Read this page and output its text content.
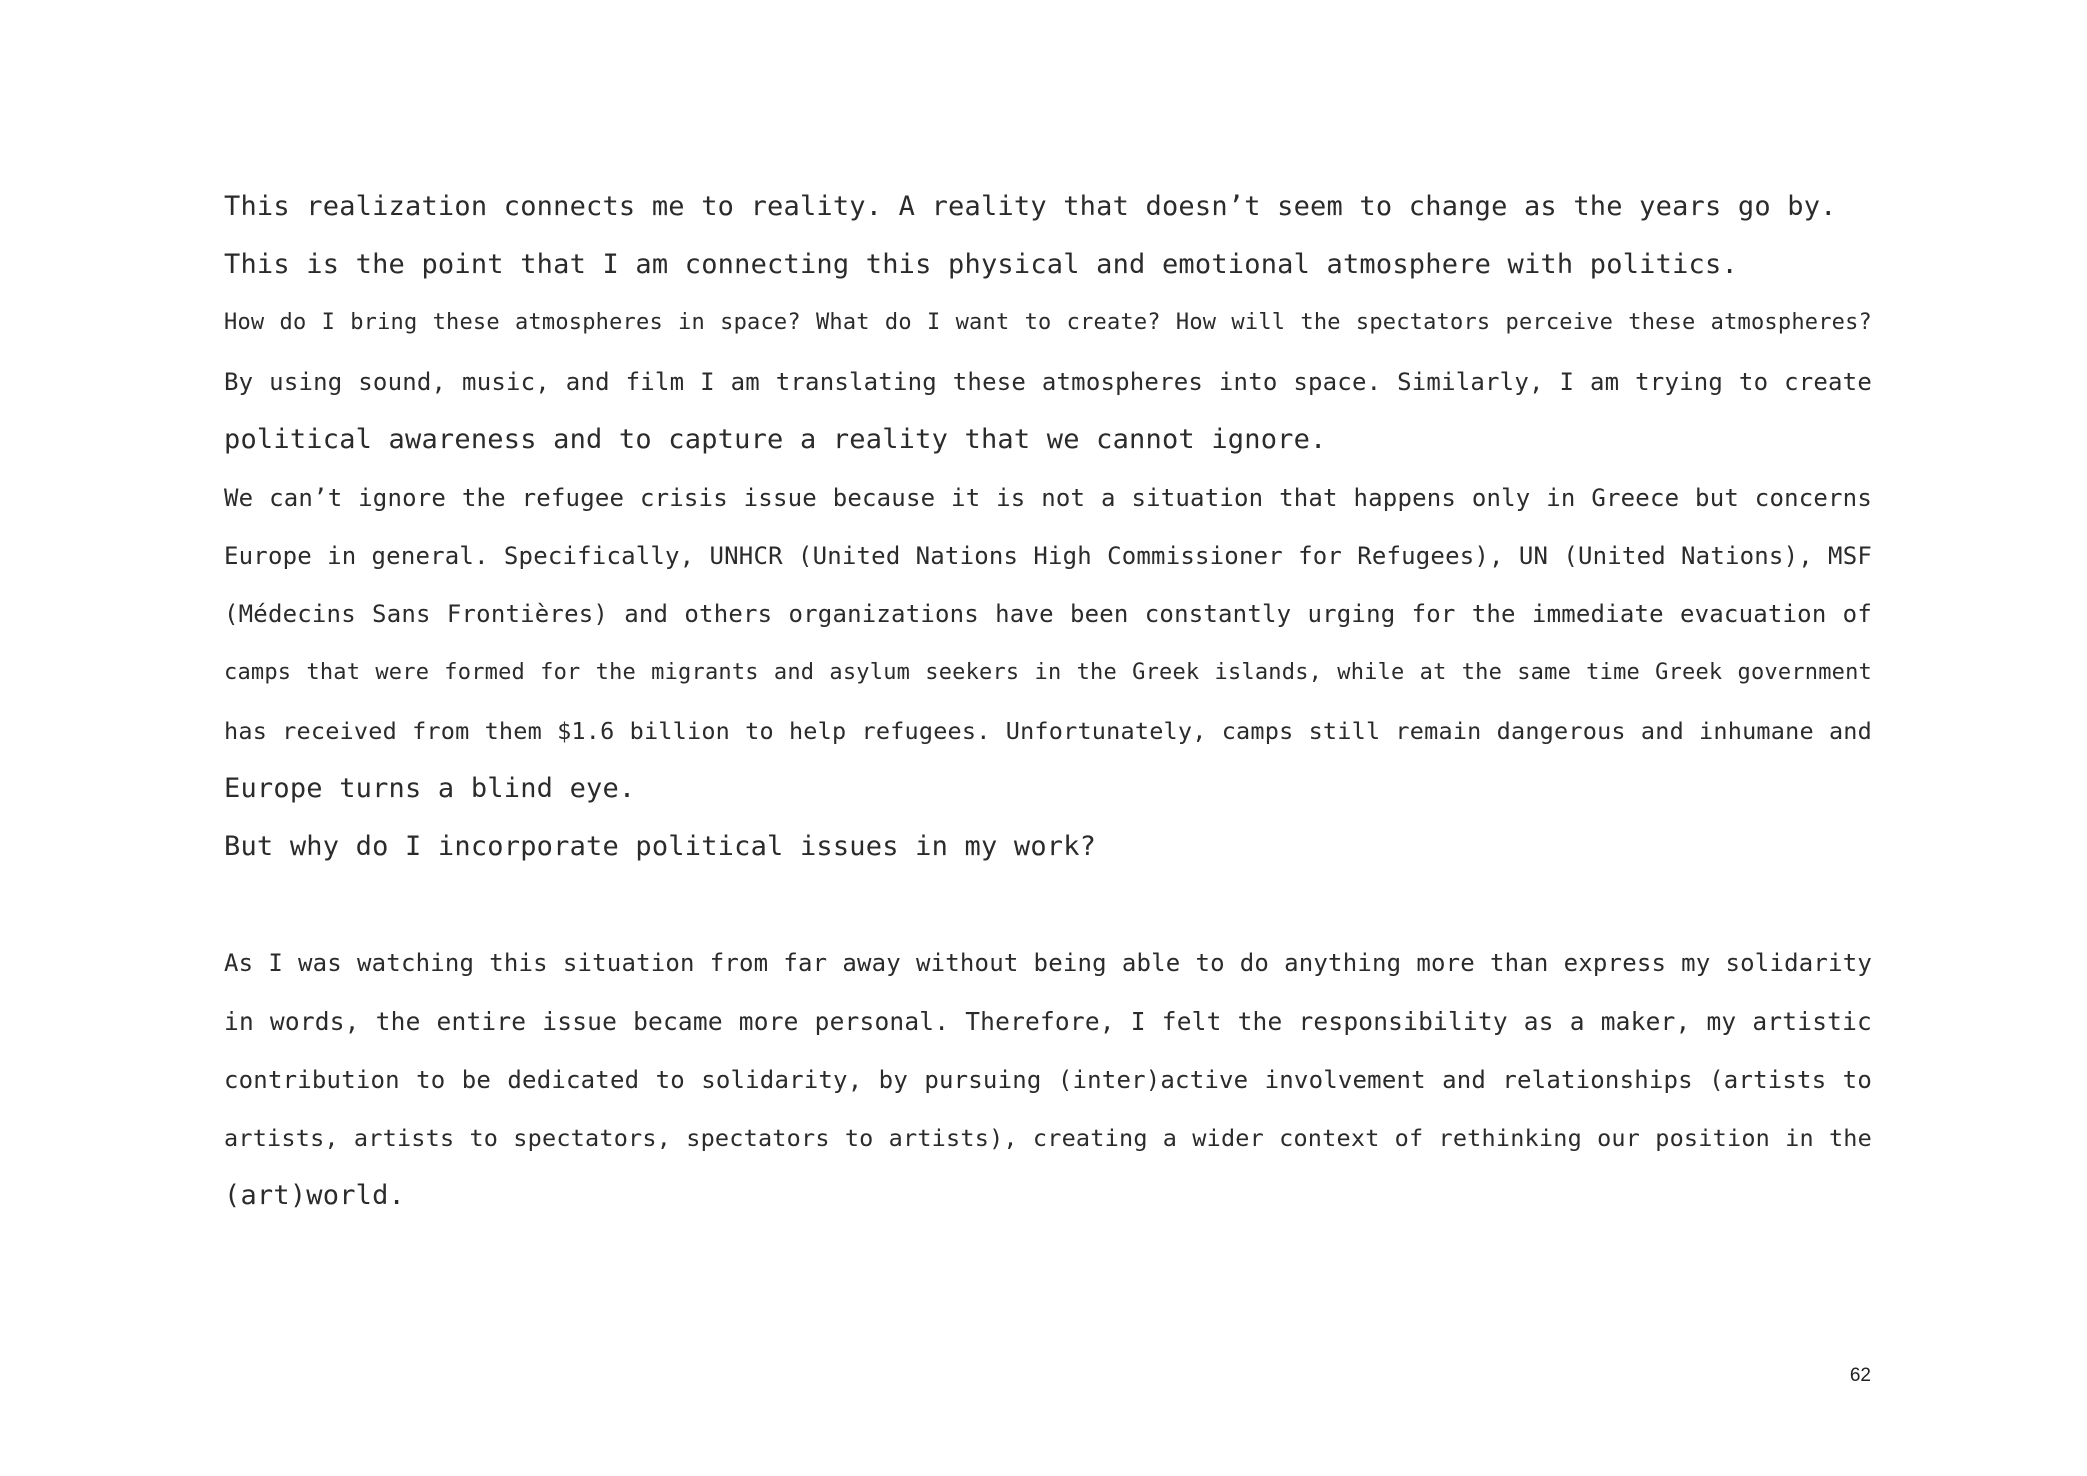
This realization connects me to reality. A reality that doesn’t seem to change as the years go by.
This is the point that I am connecting this physical and emotional atmosphere with politics.
How do I bring these atmospheres in space? What do I want to create? How will the spectators perceive these atmospheres?
By using sound, music, and film I am translating these atmospheres into space. Similarly, I am trying to create
political awareness and to capture a reality that we cannot ignore.
We can’t ignore the refugee crisis issue because it is not a situation that happens only in Greece but concerns
Europe in general. Specifically, UNHCR (United Nations High Commissioner for Refugees), UN (United Nations), MSF
(Médecins Sans Frontières) and others organizations have been constantly urging for the immediate evacuation of
camps that were formed for the migrants and asylum seekers in the Greek islands, while at the same time Greek government
has received from them $1.6 billion to help refugees. Unfortunately, camps still remain dangerous and inhumane and
Europe turns a blind eye.
But why do I incorporate political issues in my work?
As I was watching this situation from far away without being able to do anything more than express my solidarity
in words, the entire issue became more personal. Therefore, I felt the responsibility as a maker, my artistic
contribution to be dedicated to solidarity, by pursuing (inter)active involvement and relationships (artists to
artists, artists to spectators, spectators to artists), creating a wider context of rethinking our position in the
(art)world.
62
